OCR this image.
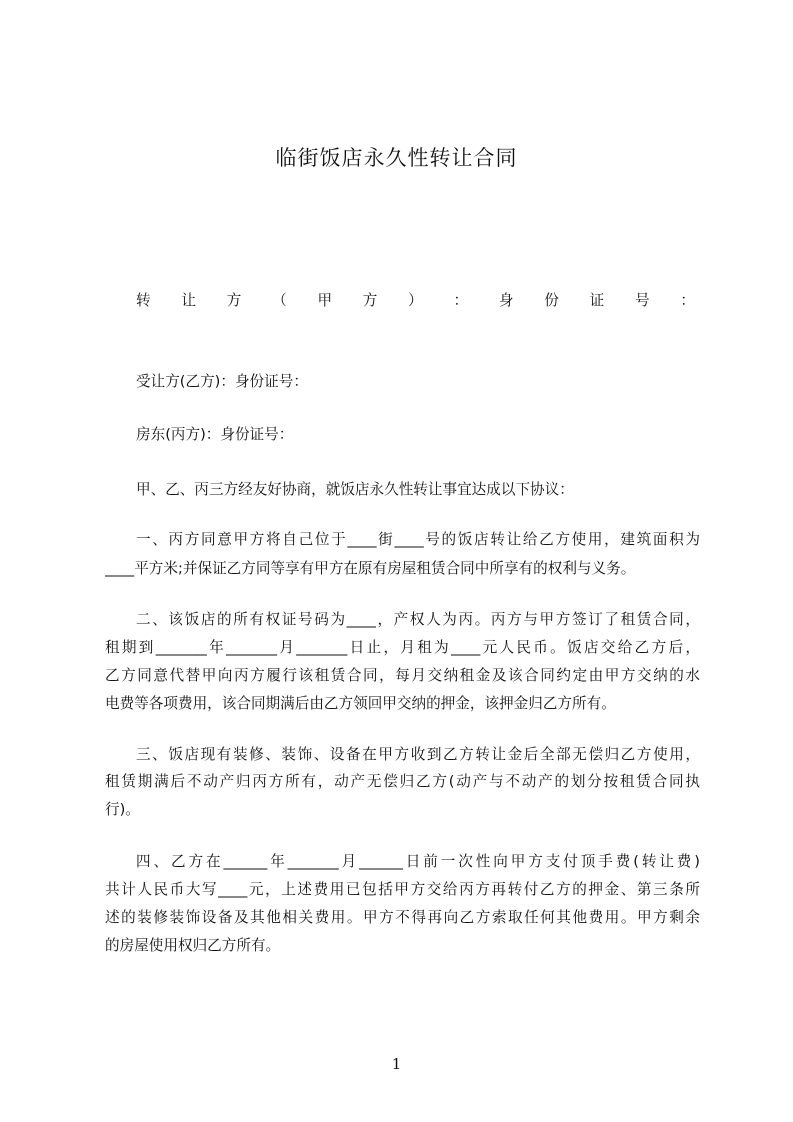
临街饭店永久性转让合同
转 让 方 （ 甲 方 ） ： 身 份 证 号 ：
受让方(乙方)：身份证号：
房东(丙方)：身份证号：
甲、乙、丙三方经友好协商，就饭店永久性转让事宜达成以下协议：
一、丙方同意甲方将自己位于____街____号的饭店转让给乙方使用，建筑面积为
____平方米;并保证乙方同等享有甲方在原有房屋租赁合同中所享有的权利与义务。
二、该饭店的所有权证号码为____，产权人为丙。丙方与甲方签订了租赁合同，
租期到_______年_______月_______日止，月租为____元人民币。饭店交给乙方后，
乙方同意代替甲向丙方履行该租赁合同，每月交纳租金及该合同约定由甲方交纳的水
电费等各项费用，该合同期满后由乙方领回甲交纳的押金，该押金归乙方所有。
三、饭店现有装修、装饰、设备在甲方收到乙方转让金后全部无偿归乙方使用，
租赁期满后不动产归丙方所有，动产无偿归乙方(动产与不动产的划分按租赁合同执
行)。
四、乙方在______年_______月______日前一次性向甲方支付顶手费(转让费)
共计人民币大写____元，上述费用已包括甲方交给丙方再转付乙方的押金、第三条所
述的装修装饰设备及其他相关费用。甲方不得再向乙方索取任何其他费用。甲方剩余
的房屋使用权归乙方所有。
1
